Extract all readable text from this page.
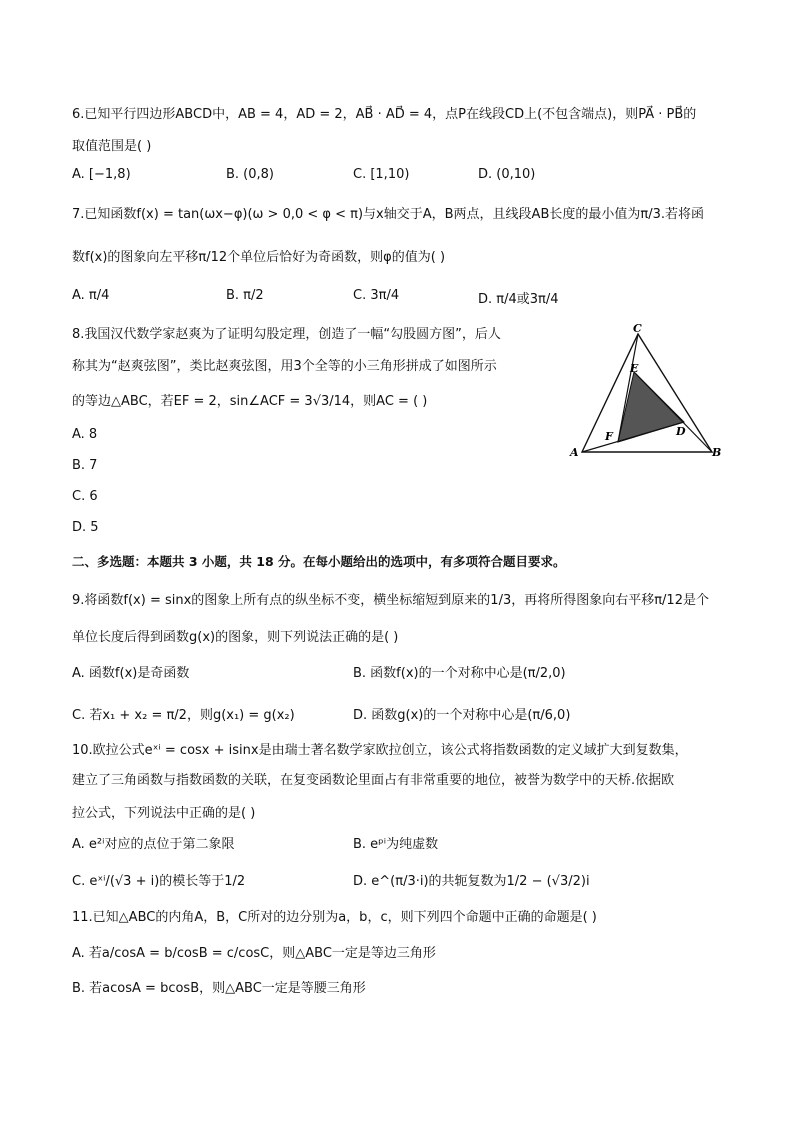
6.已知平行四边形ABCD中，AB = 4，AD = 2，AB⃗ · AD⃗ = 4，点P在线段CD上(不包含端点)，则PA⃗ · PB⃗的
取值范围是( )
A. [−1,8)	B. (0,8)	C. [1,10)	D. (0,10)
7.已知函数f(x) = tan(ωx−φ)(ω > 0,0 < φ < π)与x轴交于A，B两点，且线段AB长度的最小值为π/3.若将函
数f(x)的图象向左平移π/12个单位后恰好为奇函数，则φ的值为( )
A. π/4	B. π/2	C. 3π/4	D. π/4或3π/4
8.我国汉代数学家赵爽为了证明勾股定理，创造了一幅“勾股圆方图”，后人
称其为“赵爽弦图”，类比赵爽弦图，用3个全等的小三角形拼成了如图所示
的等边△ABC，若EF = 2，sin∠ACF = 3√3/14，则AC = ( )
A. 8
B. 7
C. 6
D. 5
C
E
F	D
A	B
二、多选题：本题共 3 小题，共 18 分。在每小题给出的选项中，有多项符合题目要求。
9.将函数f(x) = sinx的图象上所有点的纵坐标不变，横坐标缩短到原来的1/3，再将所得图象向右平移π/12是个
单位长度后得到函数g(x)的图象，则下列说法正确的是( )
A. 函数f(x)是奇函数	B. 函数f(x)的一个对称中心是(π/2,0)
C. 若x₁ + x₂ = π/2，则g(x₁) = g(x₂)	D. 函数g(x)的一个对称中心是(π/6,0)
10.欧拉公式eˣⁱ = cosx + isinx是由瑞士著名数学家欧拉创立，该公式将指数函数的定义域扩大到复数集，
建立了三角函数与指数函数的关联，在复变函数论里面占有非常重要的地位，被誉为数学中的天桥.依据欧
拉公式，下列说法中正确的是( )
A. e²ⁱ对应的点位于第二象限	B. eᵖⁱ为纯虚数
C. eˣⁱ/(√3 + i)的模长等于1/2	D. e^(π/3·i)的共轭复数为1/2 − (√3/2)i
11.已知△ABC的内角A，B，C所对的边分别为a，b，c，则下列四个命题中正确的命题是( )
A. 若a/cosA = b/cosB = c/cosC，则△ABC一定是等边三角形
B. 若acosA = bcosB，则△ABC一定是等腰三角形
